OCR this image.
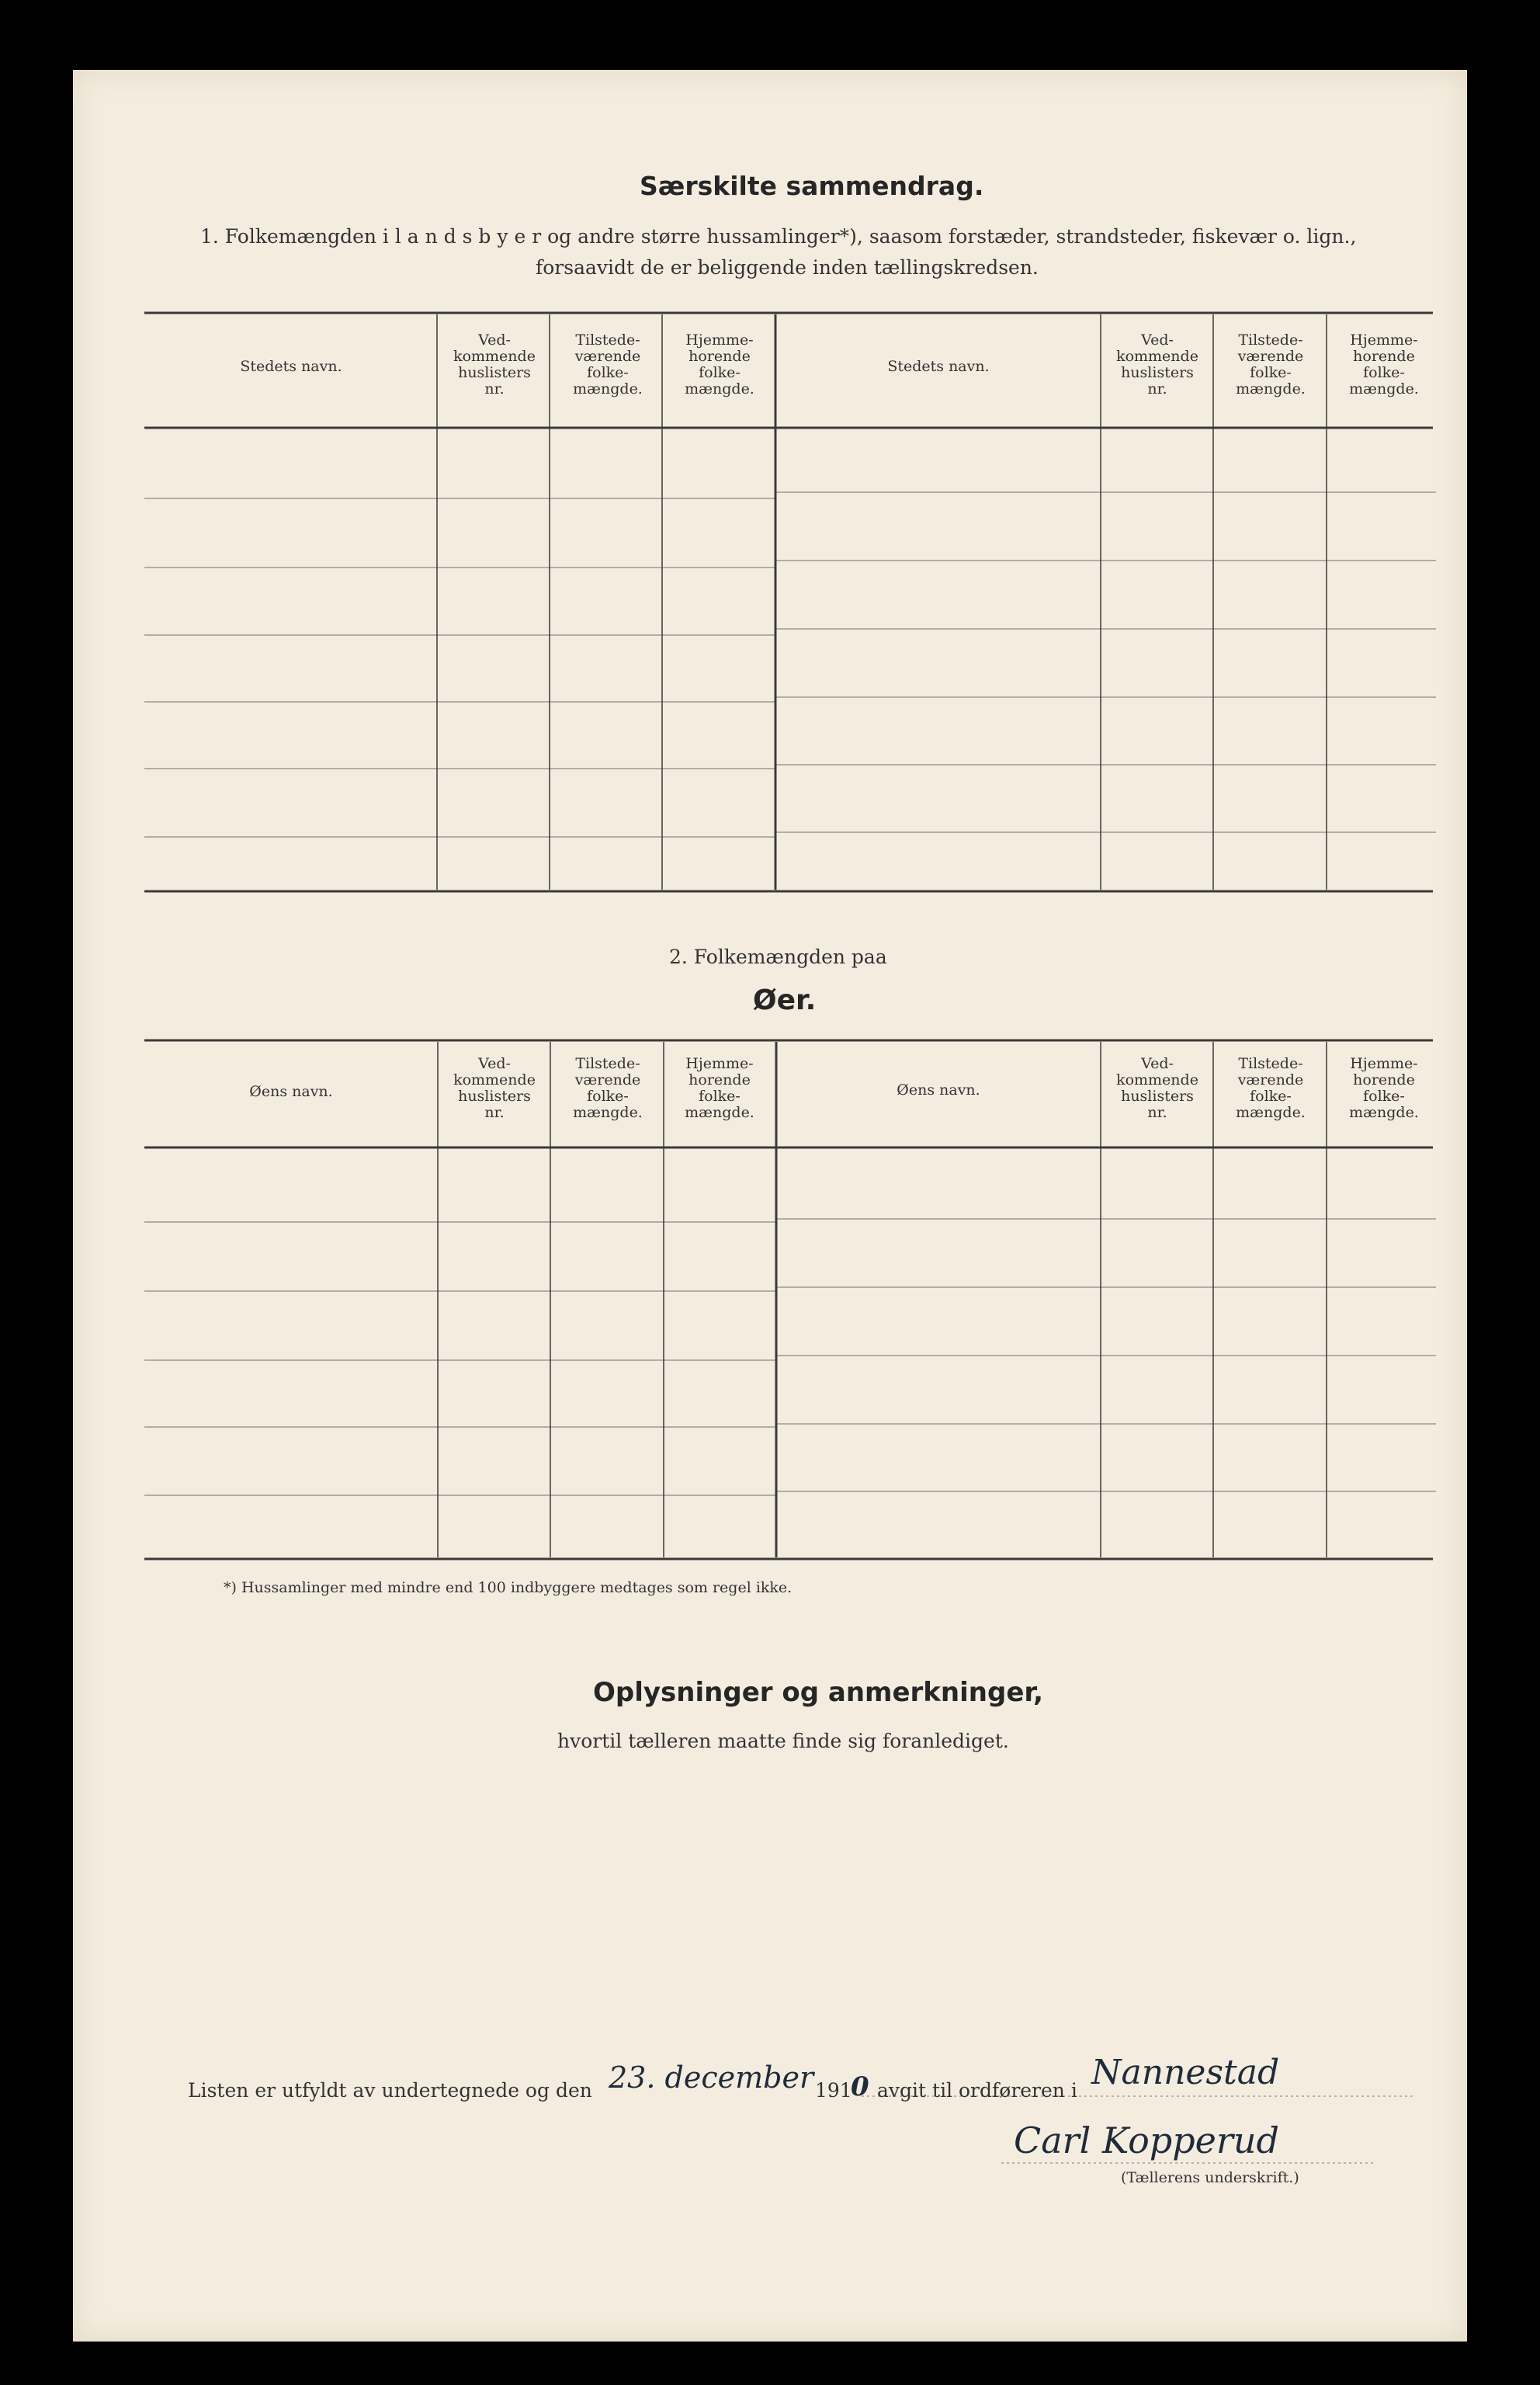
Særskilte sammendrag.
1. Folkemængden i l a n d s b y e r og andre større hussamlinger*), saasom forstæder, strandsteder, fiskevær o. lign.,
forsaavidt de er beliggende inden tællingskredsen.
Stedets navn.
Ved-
kommende
huslisters
nr.
Tilstede-
værende
folke-
mængde.
Hjemme-
horende
folke-
mængde.
Stedets navn.
Ved-
kommende
huslisters
nr.
Tilstede-
værende
folke-
mængde.
Hjemme-
horende
folke-
mængde.
2. Folkemængden paa
Øer.
Øens navn.
Ved-
kommende
huslisters
nr.
Tilstede-
værende
folke-
mængde.
Hjemme-
horende
folke-
mængde.
Øens navn.
Ved-
kommende
huslisters
nr.
Tilstede-
værende
folke-
mængde.
Hjemme-
horende
folke-
mængde.
*) Hussamlinger med mindre end 100 indbyggere medtages som regel ikke.
Oplysninger og anmerkninger,
hvortil tælleren maatte finde sig foranlediget.
Listen er utfyldt av undertegnede og den 23. december 191
0 avgit til ordføreren i Nannestad
Carl Kopperud
(Tællerens underskrift.)
